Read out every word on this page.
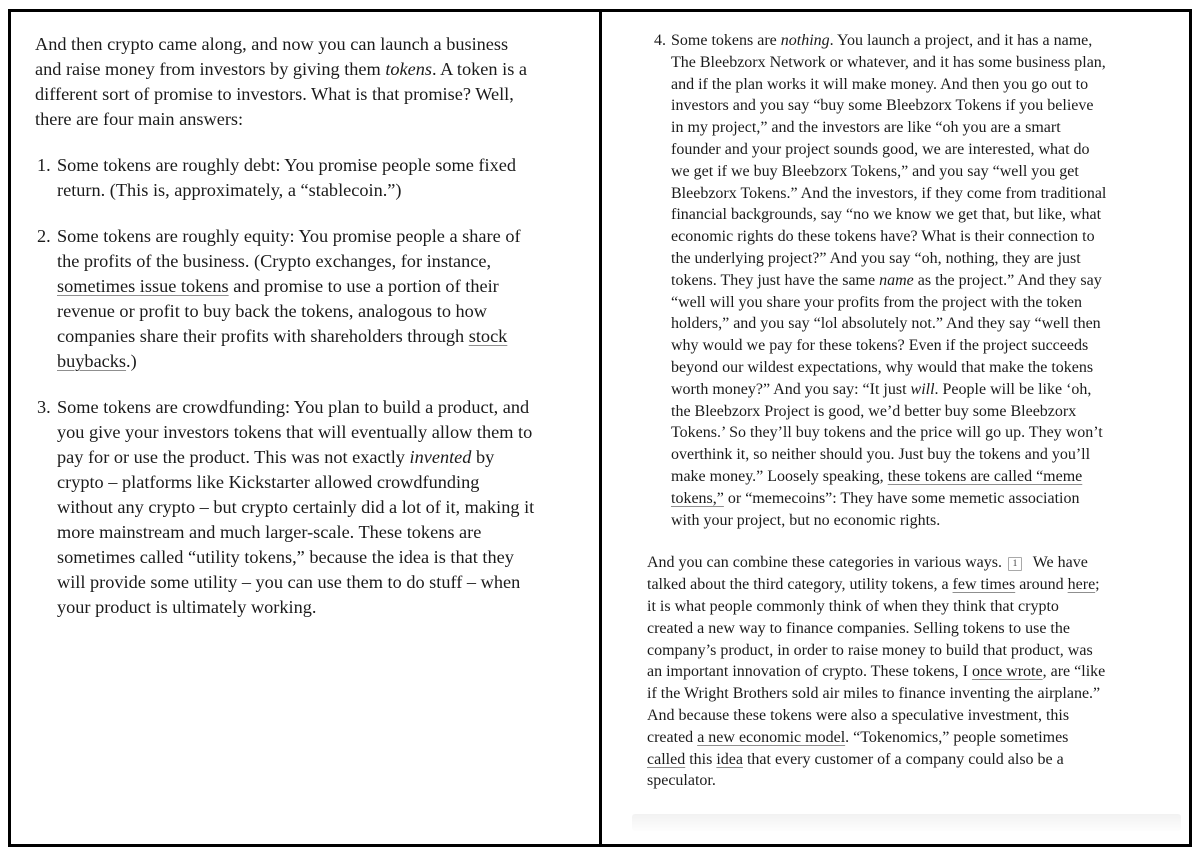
And then crypto came along, and now you can launch a business and raise money from investors by giving them tokens. A token is a different sort of promise to investors. What is that promise? Well, there are four main answers:

1. Some tokens are roughly debt: You promise people some fixed return. (This is, approximately, a “stablecoin.”)
2. Some tokens are roughly equity: You promise people a share of the profits of the business. (Crypto exchanges, for instance, sometimes issue tokens and promise to use a portion of their revenue or profit to buy back the tokens, analogous to how companies share their profits with shareholders through stock buybacks.)
3. Some tokens are crowdfunding: You plan to build a product, and you give your investors tokens that will eventually allow them to pay for or use the product. This was not exactly invented by crypto – platforms like Kickstarter allowed crowdfunding without any crypto – but crypto certainly did a lot of it, making it more mainstream and much larger-scale. These tokens are sometimes called “utility tokens,” because the idea is that they will provide some utility – you can use them to do stuff – when your product is ultimately working.
4. Some tokens are nothing. You launch a project, and it has a name, The Bleebzorx Network or whatever, and it has some business plan, and if the plan works it will make money. And then you go out to investors and you say “buy some Bleebzorx Tokens if you believe in my project,” and the investors are like “oh you are a smart founder and your project sounds good, we are interested, what do we get if we buy Bleebzorx Tokens,” and you say “well you get Bleebzorx Tokens.” And the investors, if they come from traditional financial backgrounds, say “no we know we get that, but like, what economic rights do these tokens have? What is their connection to the underlying project?” And you say “oh, nothing, they are just tokens. They just have the same name as the project.” And they say “well will you share your profits from the project with the token holders,” and you say “lol absolutely not.” And they say “well then why would we pay for these tokens? Even if the project succeeds beyond our wildest expectations, why would that make the tokens worth money?” And you say: “It just will. People will be like ‘oh, the Bleebzorx Project is good, we’d better buy some Bleebzorx Tokens.’ So they’ll buy tokens and the price will go up. They won’t overthink it, so neither should you. Just buy the tokens and you’ll make money.” Loosely speaking, these tokens are called “meme tokens,” or “memecoins”: They have some memetic association with your project, but no economic rights.

And you can combine these categories in various ways. $^1$ We have talked about the third category, utility tokens, a few times around here; it is what people commonly think of when they think that crypto created a new way to finance companies. Selling tokens to use the company’s product, in order to raise money to build that product, was an important innovation of crypto. These tokens, I once wrote, are “like if the Wright Brothers sold air miles to finance inventing the airplane.” And because these tokens were also a speculative investment, this created a new economic model. “Tokenomics,” people sometimes called this idea that every customer of a company could also be a speculator.
